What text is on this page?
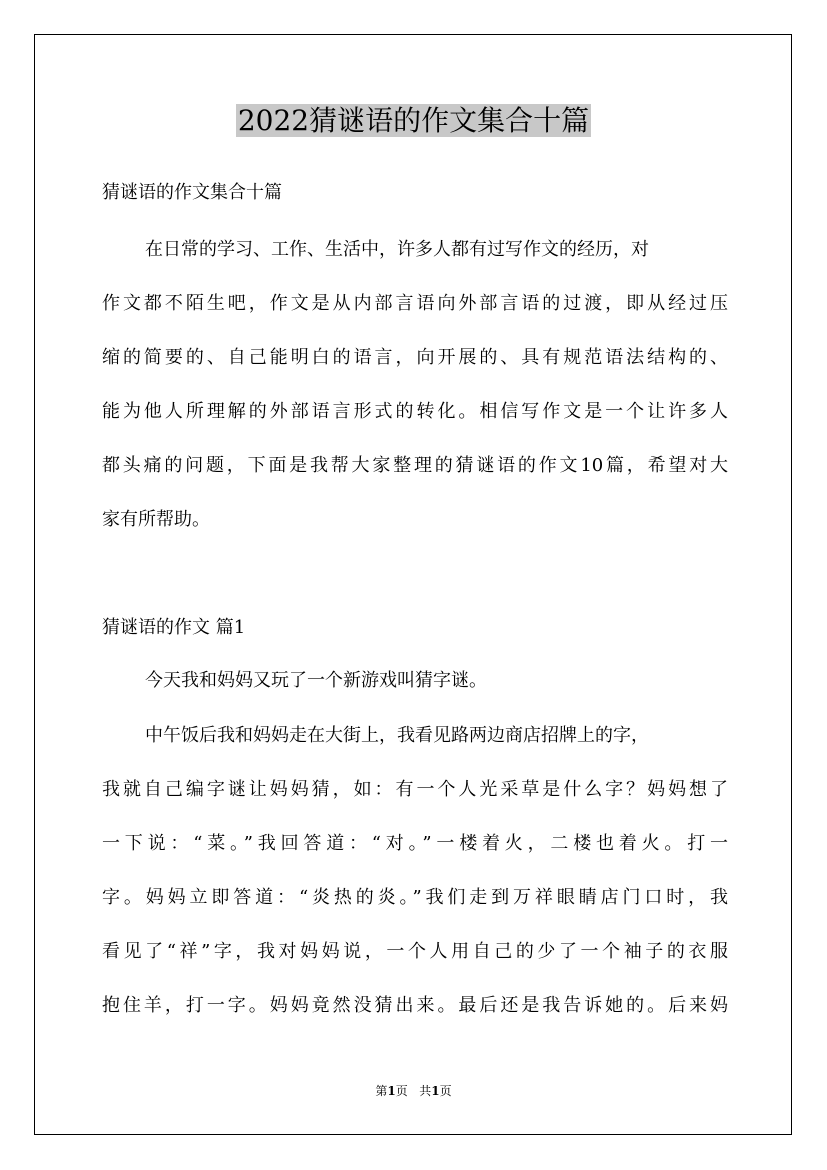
2022猜谜语的作文集合十篇
猜谜语的作文集合十篇
在日常的学习、工作、生活中，许多人都有过写作文的经历，对
作文都不陌生吧，作文是从内部言语向外部言语的过渡，即从经过压
缩的简要的、自己能明白的语言，向开展的、具有规范语法结构的、
能为他人所理解的外部语言形式的转化。相信写作文是一个让许多人
都头痛的问题，下面是我帮大家整理的猜谜语的作文10篇，希望对大
家有所帮助。
猜谜语的作文 篇1
今天我和妈妈又玩了一个新游戏叫猜字谜。
中午饭后我和妈妈走在大街上，我看见路两边商店招牌上的字，
我就自己编字谜让妈妈猜，如：有一个人光采草是什么字？妈妈想了
一下说：“菜。”我回答道：“对。”一楼着火，二楼也着火。打一
字。妈妈立即答道：“炎热的炎。”我们走到万祥眼睛店门口时，我
看见了“祥”字，我对妈妈说，一个人用自己的少了一个袖子的衣服
抱住羊，打一字。妈妈竟然没猜出来。最后还是我告诉她的。后来妈
第1页 共1页
